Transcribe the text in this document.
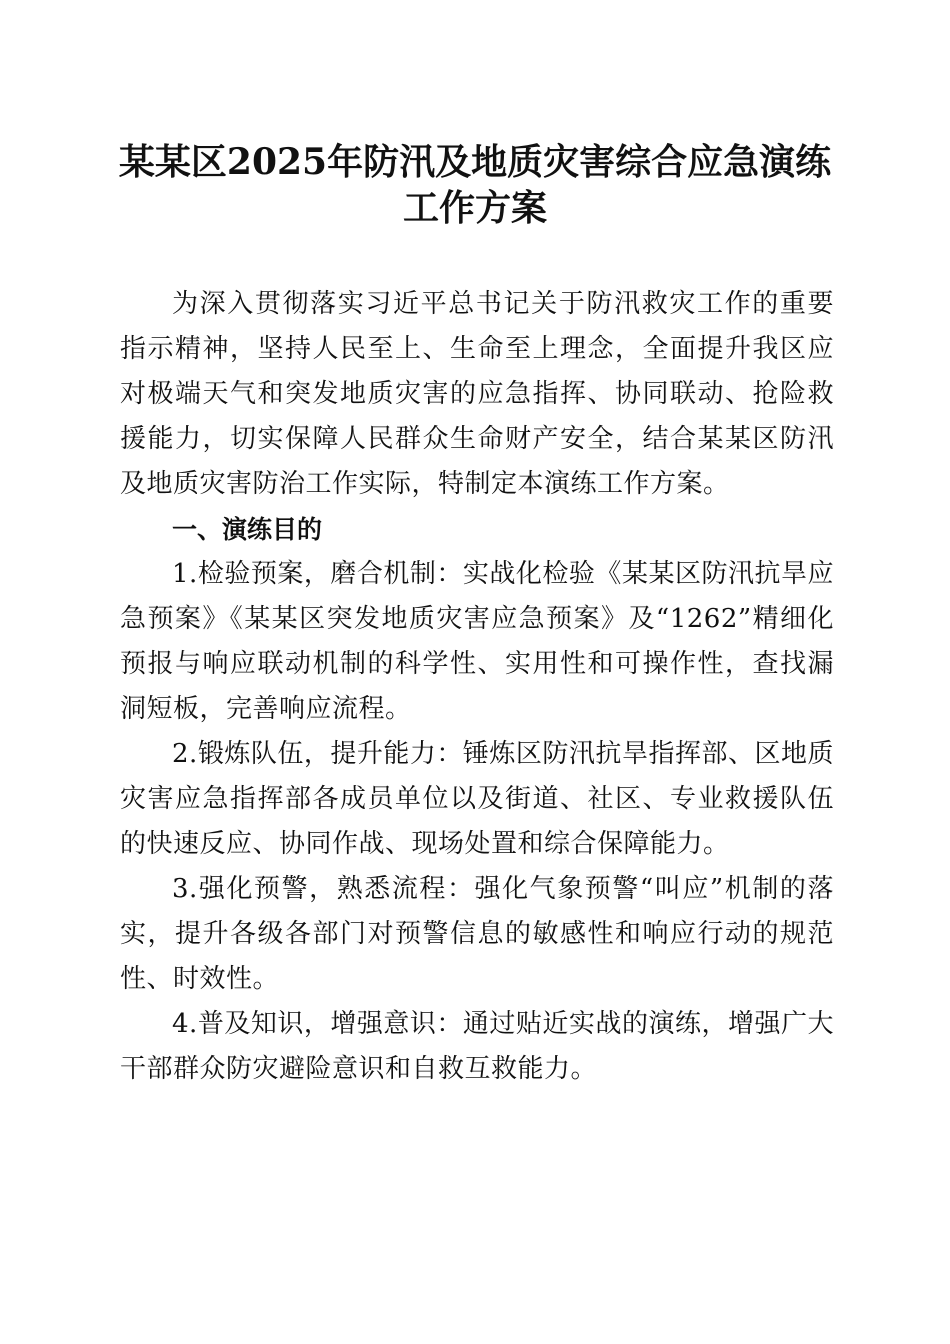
某某区2025年防汛及地质灾害综合应急演练
工作方案

为深入贯彻落实习近平总书记关于防汛救灾工作的重要指示精神，坚持人民至上、生命至上理念，全面提升我区应对极端天气和突发地质灾害的应急指挥、协同联动、抢险救援能力，切实保障人民群众生命财产安全，结合某某区防汛及地质灾害防治工作实际，特制定本演练工作方案。

一、演练目的

1.检验预案，磨合机制：实战化检验《某某区防汛抗旱应急预案》《某某区突发地质灾害应急预案》及“1262”精细化预报与响应联动机制的科学性、实用性和可操作性，查找漏洞短板，完善响应流程。

2.锻炼队伍，提升能力：锤炼区防汛抗旱指挥部、区地质灾害应急指挥部各成员单位以及街道、社区、专业救援队伍的快速反应、协同作战、现场处置和综合保障能力。

3.强化预警，熟悉流程：强化气象预警“叫应”机制的落实，提升各级各部门对预警信息的敏感性和响应行动的规范性、时效性。

4.普及知识，增强意识：通过贴近实战的演练，增强广大干部群众防灾避险意识和自救互救能力。
